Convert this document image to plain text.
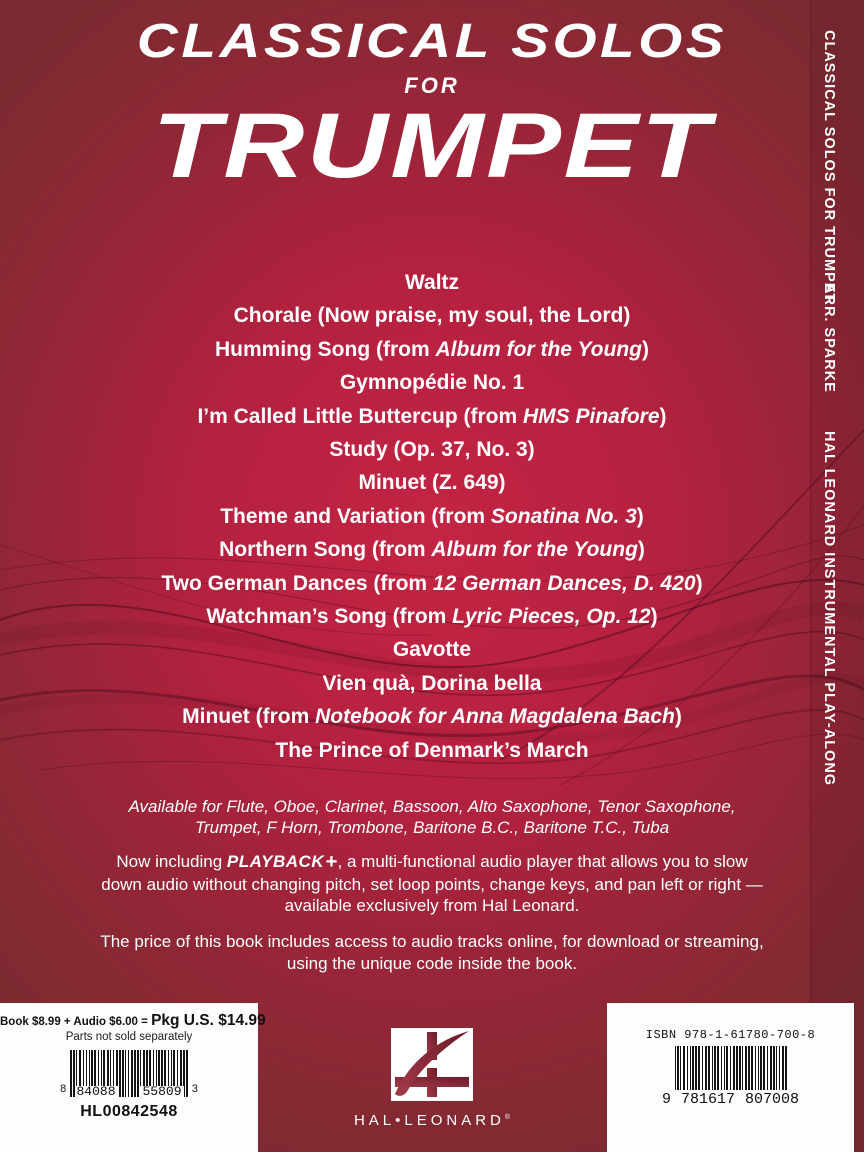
CLASSICAL SOLOS
FOR
TRUMPET	CLASSICAL SOLOS FOR TRUMPET
ARR. SPARKE
HAL LEONARD INSTRUMENTAL PLAY-ALONG
Waltz
Chorale (Now praise, my soul, the Lord)
Humming Song (from Album for the Young)
Gymnopédie No. 1
I’m Called Little Buttercup (from HMS Pinafore)
Study (Op. 37, No. 3)
Minuet (Z. 649)
Theme and Variation (from Sonatina No. 3)
Northern Song (from Album for the Young)
Two German Dances (from 12 German Dances, D. 420)
Watchman’s Song (from Lyric Pieces, Op. 12)
Gavotte
Vien quà, Dorina bella
Minuet (from Notebook for Anna Magdalena Bach)
The Prince of Denmark’s March
Available for Flute, Oboe, Clarinet, Bassoon, Alto Saxophone, Tenor Saxophone,
Trumpet, F Horn, Trombone, Baritone B.C., Baritone T.C., Tuba
Now including PLAYBACK+, a multi-functional audio player that allows you to slow
down audio without changing pitch, set loop points, change keys, and pan left or right —
available exclusively from Hal Leonard.
The price of this book includes access to audio tracks online, for download or streaming,
using the unique code inside the book.
Book $8.99 + Audio $6.00 = Pkg U.S. $14.99
Parts not sold separately
8 84088 55809 3
HL00842548
HAL•LEONARD®
ISBN 978-1-61780-700-8
9 781617 807008
